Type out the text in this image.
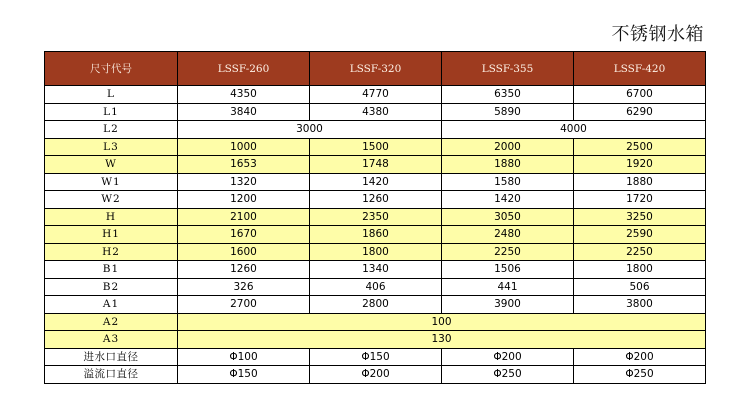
不锈钢水箱
尺寸代号	LSSF-260	LSSF-320	LSSF-355	LSSF-420
L	4350	4770	6350	6700
L1	3840	4380	5890	6290
L2	3000		4000	
L3	1000	1500	2000	2500
W	1653	1748	1880	1920
W1	1320	1420	1580	1880
W2	1200	1260	1420	1720
H	2100	2350	3050	3250
H1	1670	1860	2480	2590
H2	1600	1800	2250	2250
B1	1260	1340	1506	1800
B2	326	406	441	506
A1	2700	2800	3900	3800
A2	100			
A3	130			
进水口直径	Φ100	Φ150	Φ200	Φ200
溢流口直径	Φ150	Φ200	Φ250	Φ250
